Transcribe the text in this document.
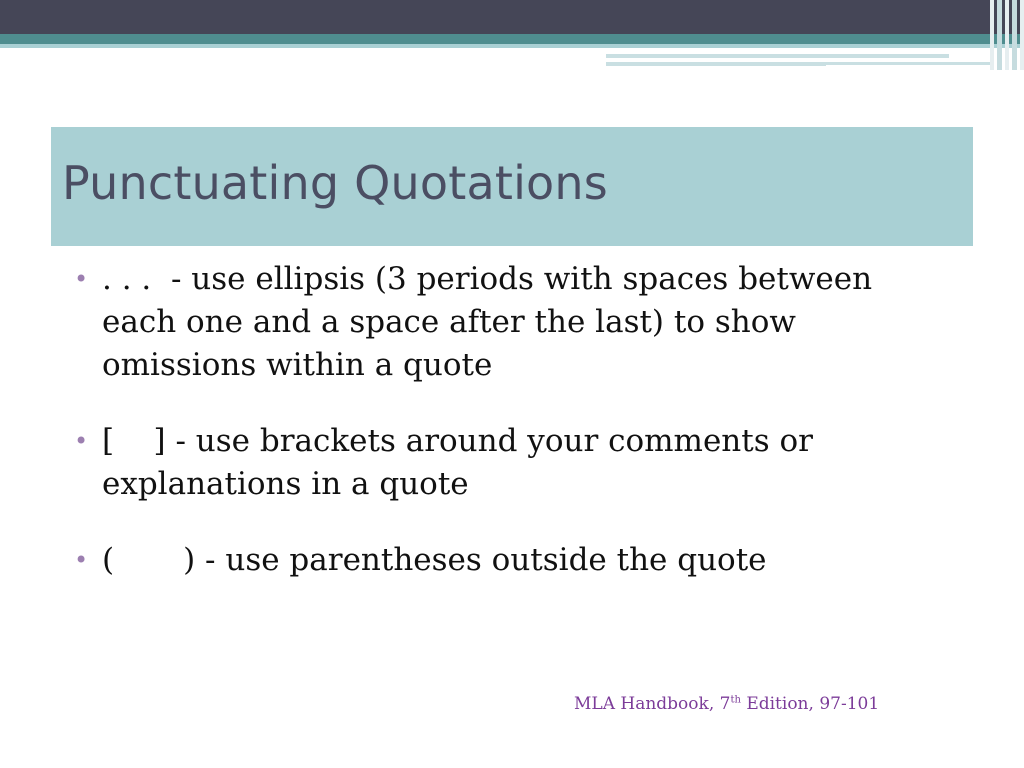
Punctuating Quotations
• . . .  - use ellipsis (3 periods with spaces between
each one and a space after the last) to show
omissions within a quote
• [    ] - use brackets around your comments or
explanations in a quote
• (       ) - use parentheses outside the quote
MLA Handbook, 7th Edition, 97-101
